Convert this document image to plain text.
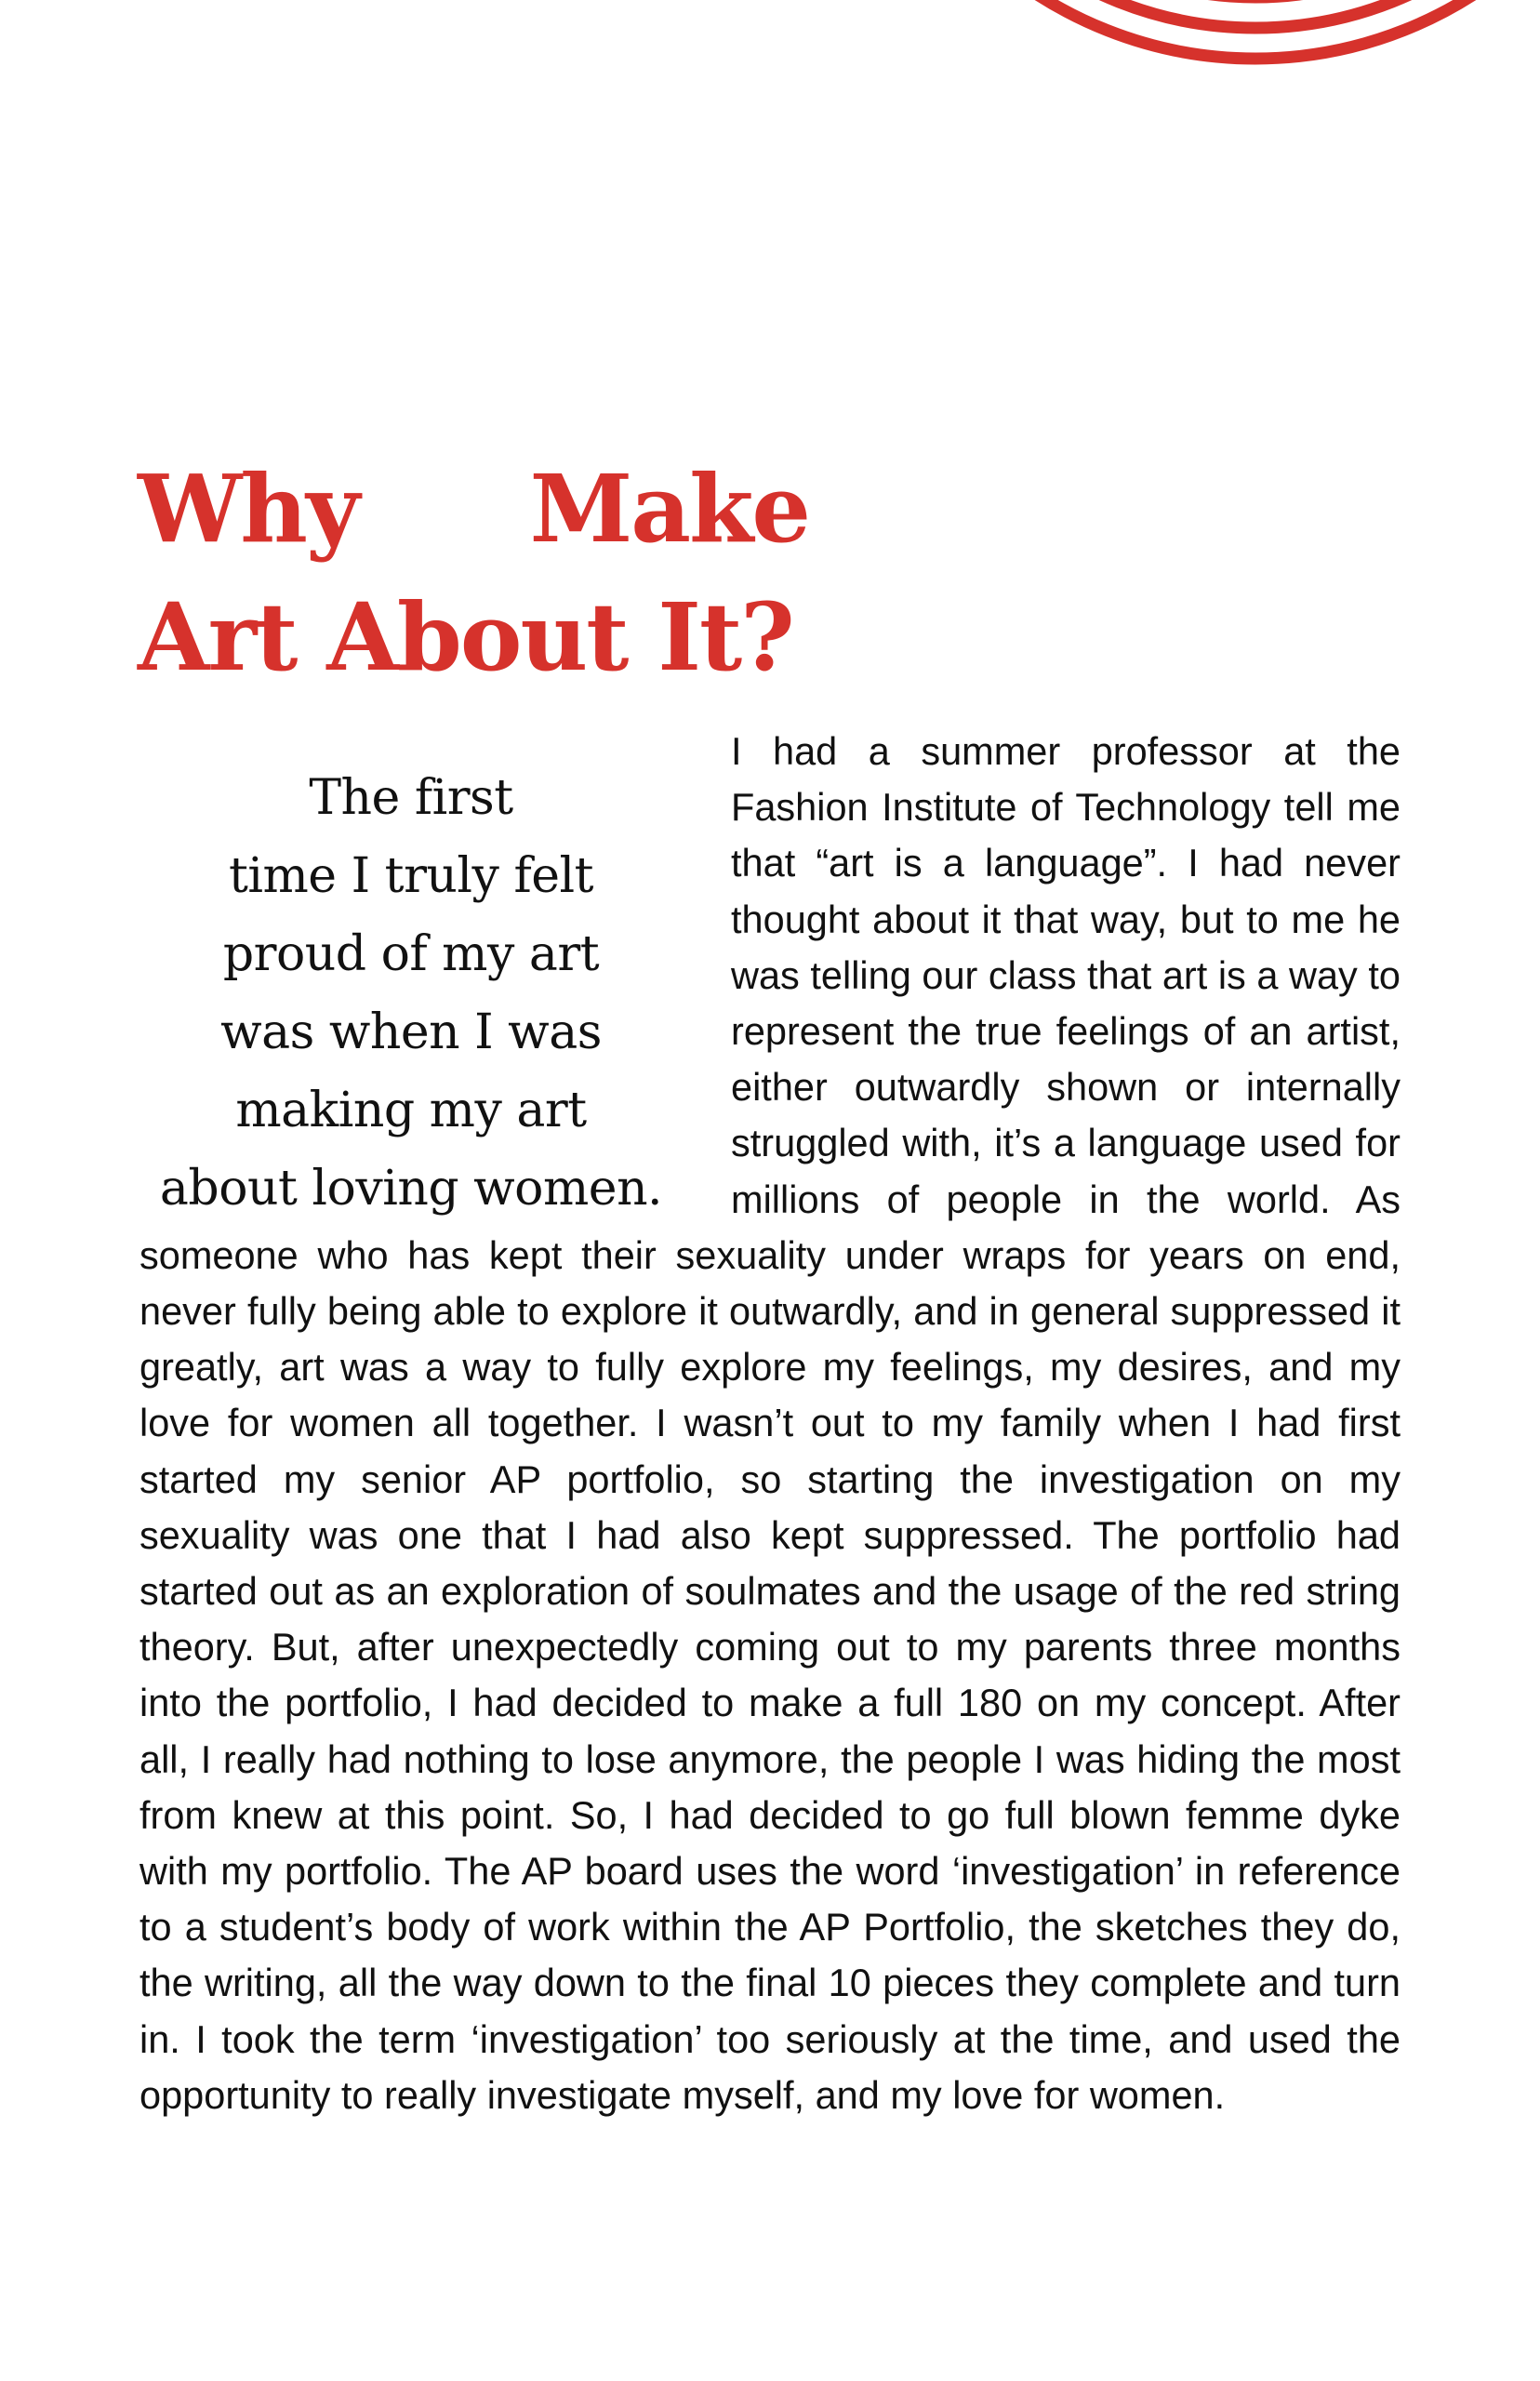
Why Make
Art About It?
The first
time I truly felt
proud of my art
was when I was
making my art
about loving women.

I had a summer professor at the Fashion Institute of Technology tell me that “art is a language”. I had never thought about it that way, but to me he was telling our class that art is a way to represent the true feelings of an artist, either outwardly shown or internally struggled with, it’s a language used for millions of people in the world. As someone who has kept their sexuality under wraps for years on end, never fully being able to explore it outwardly, and in general suppressed it greatly, art was a way to fully explore my feelings, my desires, and my love for women all together. I wasn’t out to my family when I had first started my senior AP portfolio, so starting the investigation on my sexuality was one that I had also kept suppressed. The portfolio had started out as an exploration of soulmates and the usage of the red string theory. But, after unexpectedly coming out to my parents three months into the portfolio, I had decided to make a full 180 on my concept. After all, I really had nothing to lose anymore, the people I was hiding the most from knew at this point. So, I had decided to go full blown femme dyke with my portfolio. The AP board uses the word ‘investigation’ in reference to a student’s body of work within the AP Portfolio, the sketches they do, the writing, all the way down to the final 10 pieces they complete and turn in. I took the term ‘investigation’ too seriously at the time, and used the opportunity to really investigate myself, and my love for women.
